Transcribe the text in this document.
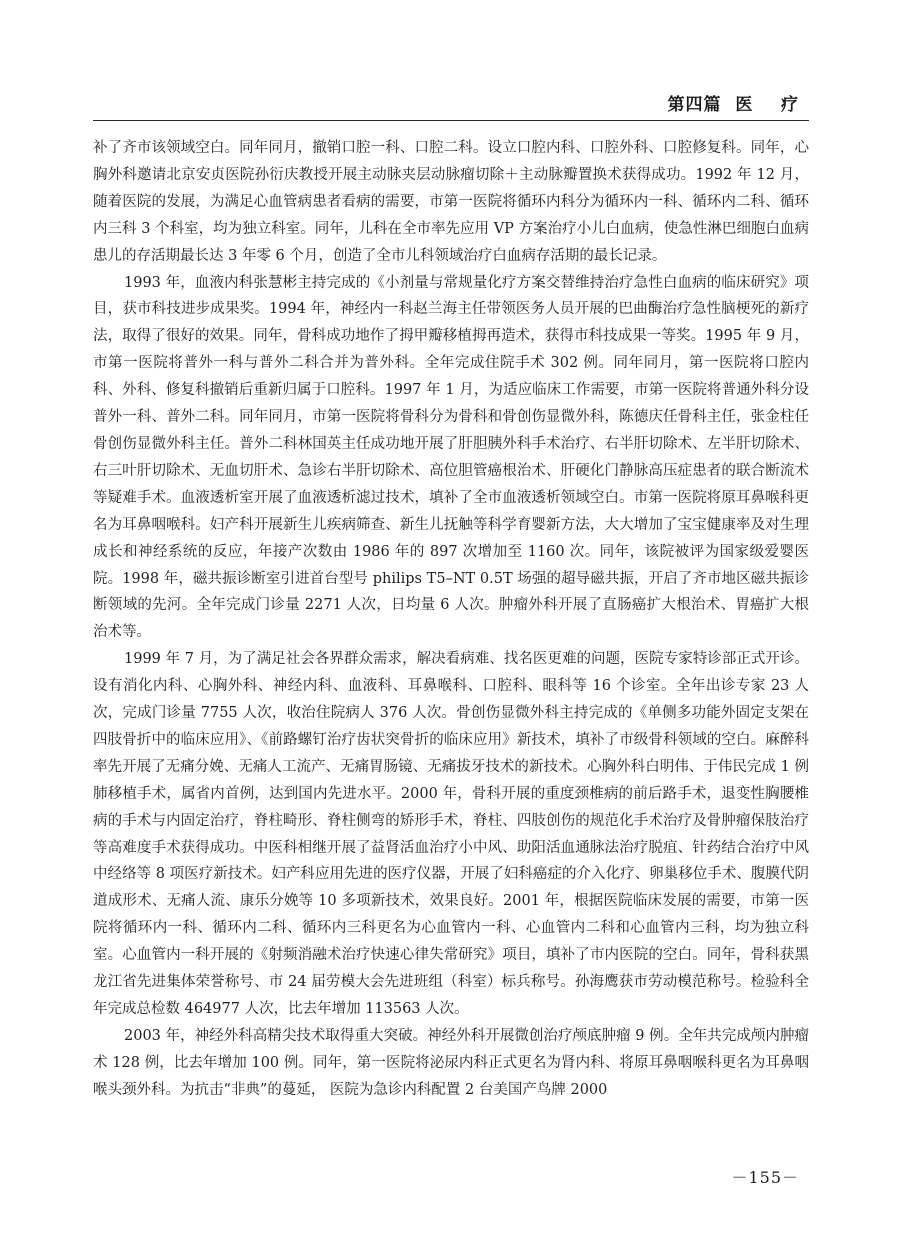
第四篇  医    疗

补了齐市该领域空白。同年同月，撤销口腔一科、口腔二科。设立口腔内科、口腔外科、口腔修复科。同年，心胸外科邀请北京安贞医院孙衍庆教授开展主动脉夹层动脉瘤切除＋主动脉瓣置换术获得成功。1992 年 12 月，随着医院的发展，为满足心血管病患者看病的需要，市第一医院将循环内科分为循环内一科、循环内二科、循环内三科 3 个科室，均为独立科室。同年，儿科在全市率先应用 VP 方案治疗小儿白血病，使急性淋巴细胞白血病患儿的存活期最长达 3 年零 6 个月，创造了全市儿科领域治疗白血病存活期的最长记录。

1993 年，血液内科张慧彬主持完成的《小剂量与常规量化疗方案交替维持治疗急性白血病的临床研究》项目，获市科技进步成果奖。1994 年，神经内一科赵兰海主任带领医务人员开展的巴曲酶治疗急性脑梗死的新疗法，取得了很好的效果。同年，骨科成功地作了拇甲瓣移植拇再造术，获得市科技成果一等奖。1995 年 9 月，市第一医院将普外一科与普外二科合并为普外科。全年完成住院手术 302 例。同年同月，第一医院将口腔内科、外科、修复科撤销后重新归属于口腔科。1997 年 1 月，为适应临床工作需要，市第一医院将普通外科分设普外一科、普外二科。同年同月，市第一医院将骨科分为骨科和骨创伤显微外科，陈德庆任骨科主任，张金柱任骨创伤显微外科主任。普外二科林国英主任成功地开展了肝胆胰外科手术治疗、右半肝切除术、左半肝切除术、右三叶肝切除术、无血切肝术、急诊右半肝切除术、高位胆管癌根治术、肝硬化门静脉高压症患者的联合断流术等疑难手术。血液透析室开展了血液透析滤过技术，填补了全市血液透析领域空白。市第一医院将原耳鼻喉科更名为耳鼻咽喉科。妇产科开展新生儿疾病筛查、新生儿抚触等科学育婴新方法，大大增加了宝宝健康率及对生理成长和神经系统的反应，年接产次数由 1986 年的 897 次增加至 1160 次。同年，该院被评为国家级爱婴医院。1998 年，磁共振诊断室引进首台型号 philips T5–NT 0.5T 场强的超导磁共振，开启了齐市地区磁共振诊断领域的先河。全年完成门诊量 2271 人次，日均量 6 人次。肿瘤外科开展了直肠癌扩大根治术、胃癌扩大根治术等。

1999 年 7 月，为了满足社会各界群众需求，解决看病难、找名医更难的问题，医院专家特诊部正式开诊。设有消化内科、心胸外科、神经内科、血液科、耳鼻喉科、口腔科、眼科等 16 个诊室。全年出诊专家 23 人次，完成门诊量 7755 人次，收治住院病人 376 人次。骨创伤显微外科主持完成的《单侧多功能外固定支架在四肢骨折中的临床应用》、《前路螺钉治疗齿状突骨折的临床应用》新技术，填补了市级骨科领域的空白。麻醉科率先开展了无痛分娩、无痛人工流产、无痛胃肠镜、无痛拔牙技术的新技术。心胸外科白明伟、于伟民完成 1 例肺移植手术，属省内首例，达到国内先进水平。2000 年，骨科开展的重度颈椎病的前后路手术，退变性胸腰椎病的手术与内固定治疗，脊柱畸形、脊柱侧弯的矫形手术，脊柱、四肢创伤的规范化手术治疗及骨肿瘤保肢治疗等高难度手术获得成功。中医科相继开展了益肾活血治疗小中风、助阳活血通脉法治疗脱疽、针药结合治疗中风中经络等 8 项医疗新技术。妇产科应用先进的医疗仪器，开展了妇科癌症的介入化疗、卵巢移位手术、腹膜代阴道成形术、无痛人流、康乐分娩等 10 多项新技术，效果良好。2001 年，根据医院临床发展的需要，市第一医院将循环内一科、循环内二科、循环内三科更名为心血管内一科、心血管内二科和心血管内三科，均为独立科室。心血管内一科开展的《射频消融术治疗快速心律失常研究》项目，填补了市内医院的空白。同年，骨科获黑龙江省先进集体荣誉称号、市 24 届劳模大会先进班组（科室）标兵称号。孙海鹰获市劳动模范称号。检验科全年完成总检数 464977 人次，比去年增加 113563 人次。

2003 年，神经外科高精尖技术取得重大突破。神经外科开展微创治疗颅底肿瘤 9 例。全年共完成颅内肿瘤术 128 例，比去年增加 100 例。同年，第一医院将泌尿内科正式更名为肾内科、将原耳鼻咽喉科更名为耳鼻咽喉头颈外科。为抗击“非典”的蔓延， 医院为急诊内科配置 2 台美国产鸟牌 2000

－155－
